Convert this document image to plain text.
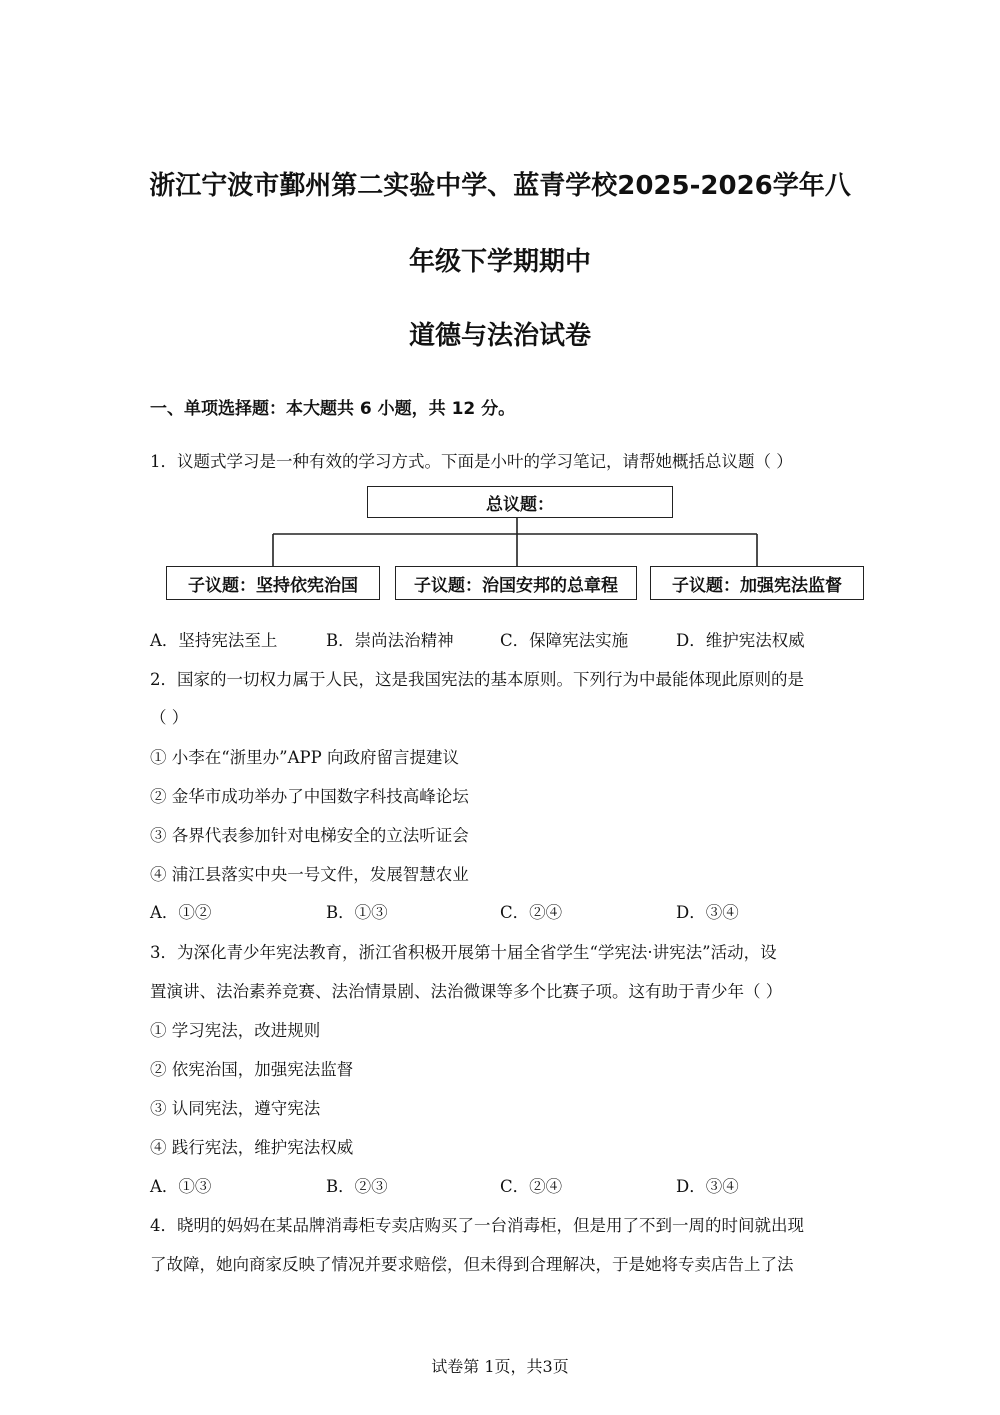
浙江宁波市鄞州第二实验中学、蓝青学校2025-2026学年八

年级下学期期中

道德与法治试卷

一、单项选择题：本大题共 6 小题，共 12 分。

1．议题式学习是一种有效的学习方式。下面是小叶的学习笔记，请帮她概括总议题（ ）

总议题：
子议题：坚持依宪治国	子议题：治国安邦的总章程	子议题：加强宪法监督

A．坚持宪法至上	B．崇尚法治精神	C．保障宪法实施	D．维护宪法权威

2．国家的一切权力属于人民，这是我国宪法的基本原则。下列行为中最能体现此原则的是

（ ）

① 小李在“浙里办”APP 向政府留言提建议

② 金华市成功举办了中国数字科技高峰论坛

③ 各界代表参加针对电梯安全的立法听证会

④ 浦江县落实中央一号文件，发展智慧农业

A．①②	B．①③	C．②④	D．③④

3．为深化青少年宪法教育，浙江省积极开展第十届全省学生“学宪法·讲宪法”活动，设

置演讲、法治素养竞赛、法治情景剧、法治微课等多个比赛子项。这有助于青少年（ ）

① 学习宪法，改进规则

② 依宪治国，加强宪法监督

③ 认同宪法，遵守宪法

④ 践行宪法，维护宪法权威

A．①③	B．②③	C．②④	D．③④

4．晓明的妈妈在某品牌消毒柜专卖店购买了一台消毒柜，但是用了不到一周的时间就出现

了故障，她向商家反映了情况并要求赔偿，但未得到合理解决，于是她将专卖店告上了法

试卷第 1页，共3页
